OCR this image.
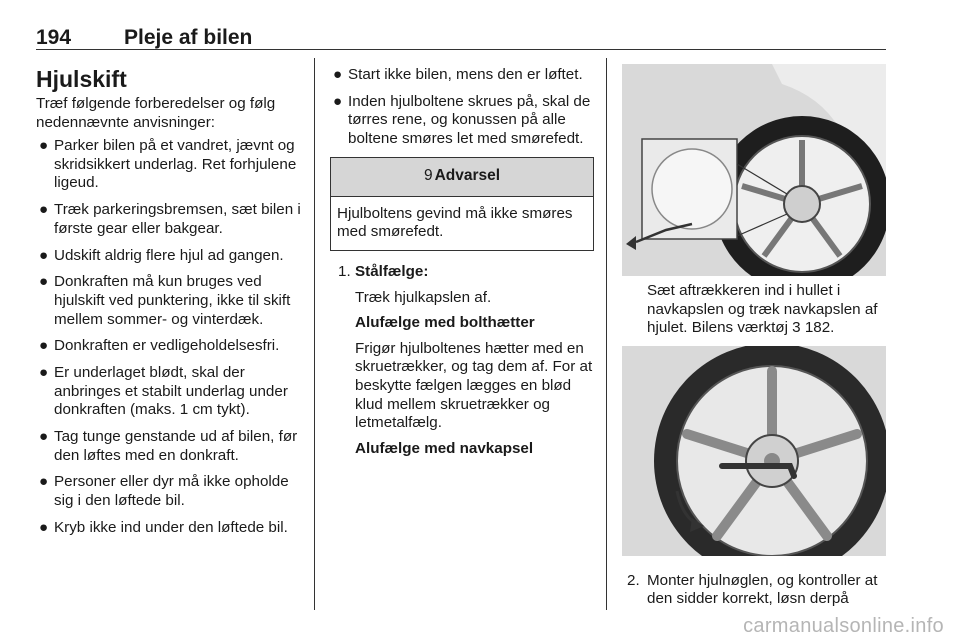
194	Pleje af bilen
Hjulskift

Træf følgende forberedelser og følg nedennævnte anvisninger:

● Parker bilen på et vandret, jævnt og skridsikkert underlag. Ret forhjulene ligeud.
● Træk parkeringsbremsen, sæt bilen i første gear eller bakgear.
● Udskift aldrig flere hjul ad gangen.
● Donkraften må kun bruges ved hjulskift ved punktering, ikke til skift mellem sommer- og vinterdæk.
● Donkraften er vedligeholdelsesfri.
● Er underlaget blødt, skal der anbringes et stabilt underlag under donkraften (maks. 1 cm tykt).
● Tag tunge genstande ud af bilen, før den løftes med en donkraft.
● Personer eller dyr må ikke opholde sig i den løftede bil.
● Kryb ikke ind under den løftede bil.
● Start ikke bilen, mens den er løftet.
● Inden hjulboltene skrues på, skal de tørres rene, og konussen på alle boltene smøres let med smørefedt.
9 Advarsel
Hjulboltens gevind må ikke smøres med smørefedt.
1. Stålfælge:

Træk hjulkapslen af.

Alufælge med bolthætter

Frigør hjulboltenes hætter med en skruetrækker, og tag dem af. For at beskytte fælgen lægges en blød klud mellem skruetrækker og letmetalfælg.

Alufælge med navkapsel

Sæt aftrækkeren ind i hullet i navkapslen og træk navkapslen af hjulet. Bilens værktøj 3 182.

2. Monter hjulnøglen, og kontroller at den sidder korrekt, løsn derpå
carmanualsonline.info
